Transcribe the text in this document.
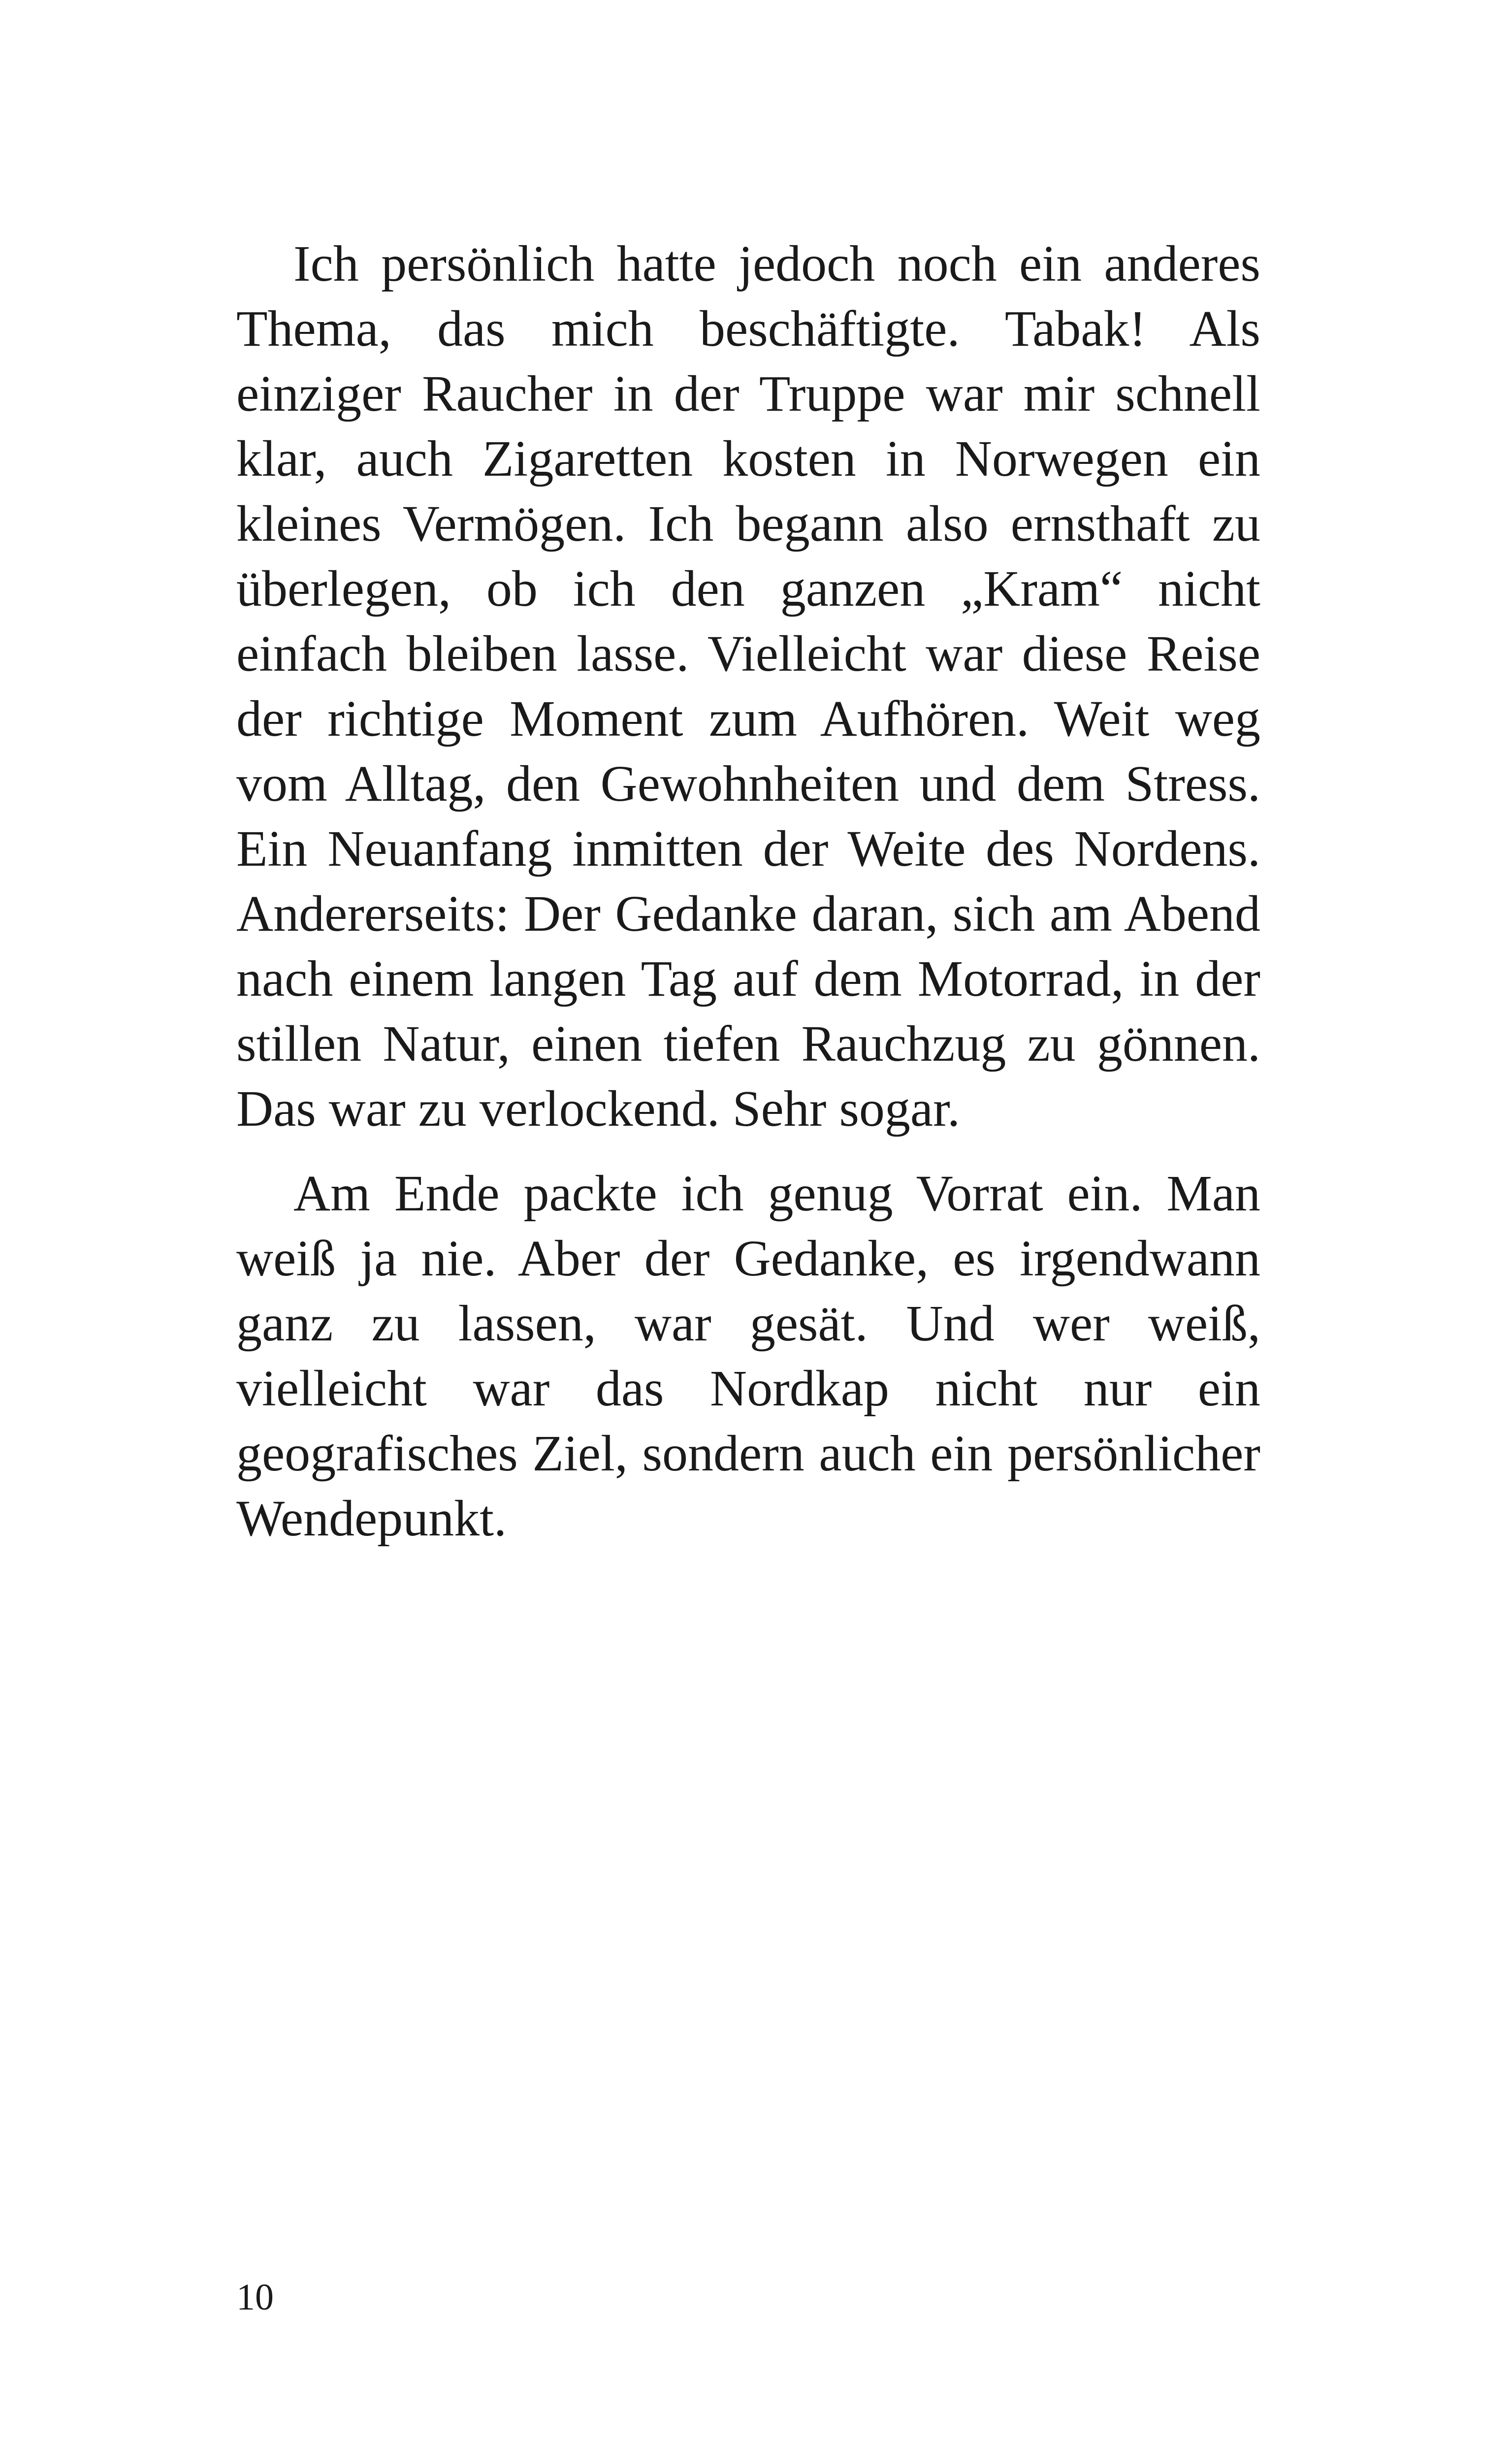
Ich persönlich hatte jedoch noch ein anderes Thema, das mich beschäftigte. Tabak! Als einziger Raucher in der Truppe war mir schnell klar, auch Zigaretten kosten in Norwegen ein kleines Vermögen. Ich begann also ernsthaft zu überlegen, ob ich den ganzen „Kram“ nicht einfach bleiben lasse. Vielleicht war diese Reise der richtige Moment zum Aufhören. Weit weg vom Alltag, den Gewohnheiten und dem Stress. Ein Neuanfang inmitten der Weite des Nordens. Andererseits: Der Gedanke daran, sich am Abend nach einem langen Tag auf dem Motorrad, in der stillen Natur, einen tiefen Rauchzug zu gönnen. Das war zu verlockend. Sehr sogar.

Am Ende packte ich genug Vorrat ein. Man weiß ja nie. Aber der Gedanke, es irgendwann ganz zu lassen, war gesät. Und wer weiß, vielleicht war das Nordkap nicht nur ein geografisches Ziel, sondern auch ein persönlicher Wendepunkt.

10
